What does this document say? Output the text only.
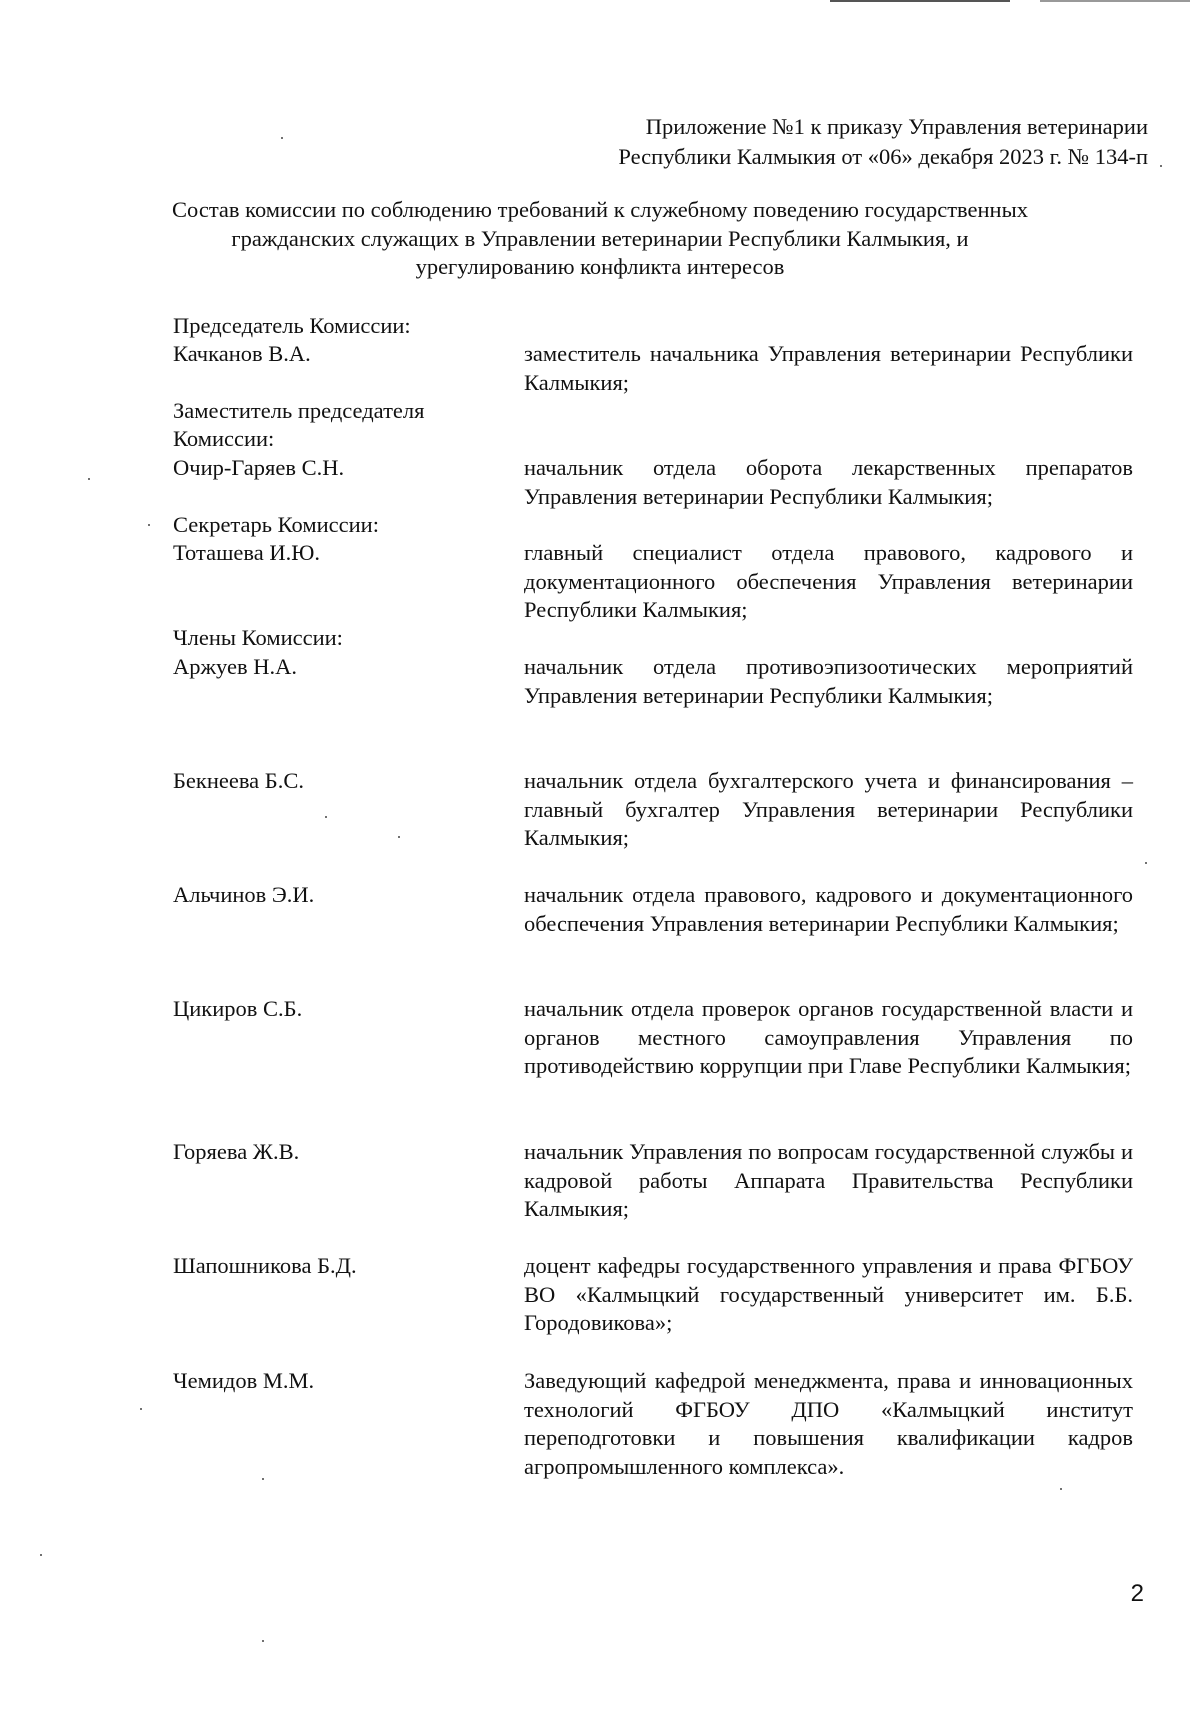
Приложение №1 к приказу Управления ветеринарии
Республики Калмыкия от «06» декабря 2023 г. № 134-п
Состав комиссии по соблюдению требований к служебному поведению государственных
гражданских служащих в Управлении ветеринарии Республики Калмыкия, и
урегулированию конфликта интересов
Председатель Комиссии:
Качканов В.А.	заместитель начальника Управления ветеринарии Республики Калмыкия;
Заместитель председателя
Комиссии:
Очир-Гаряев С.Н.	начальник отдела оборота лекарственных препаратов Управления ветеринарии Республики Калмыкия;
Секретарь Комиссии:
Тоташева И.Ю.	главный специалист отдела правового, кадрового и документационного обеспечения Управления ветеринарии Республики Калмыкия;
Члены Комиссии:
Аржуев Н.А.	начальник отдела противоэпизоотических мероприятий Управления ветеринарии Республики Калмыкия;
Бекнеева Б.С.	начальник отдела бухгалтерского учета и финансирования – главный бухгалтер Управления ветеринарии Республики Калмыкия;
Альчинов Э.И.	начальник отдела правового, кадрового и документационного обеспечения Управления ветеринарии Республики Калмыкия;
Цикиров С.Б.	начальник отдела проверок органов государственной власти и органов местного самоуправления Управления по противодействию коррупции при Главе Республики Калмыкия;
Горяева Ж.В.	начальник Управления по вопросам государственной службы и кадровой работы Аппарата Правительства Республики Калмыкия;
Шапошникова Б.Д.	доцент кафедры государственного управления и права ФГБОУ ВО «Калмыцкий государственный университет им. Б.Б. Городовикова»;
Чемидов М.М.	Заведующий кафедрой менеджмента, права и инновационных технологий ФГБОУ ДПО «Калмыцкий институт переподготовки и повышения квалификации кадров агропромышленного комплекса».
2
